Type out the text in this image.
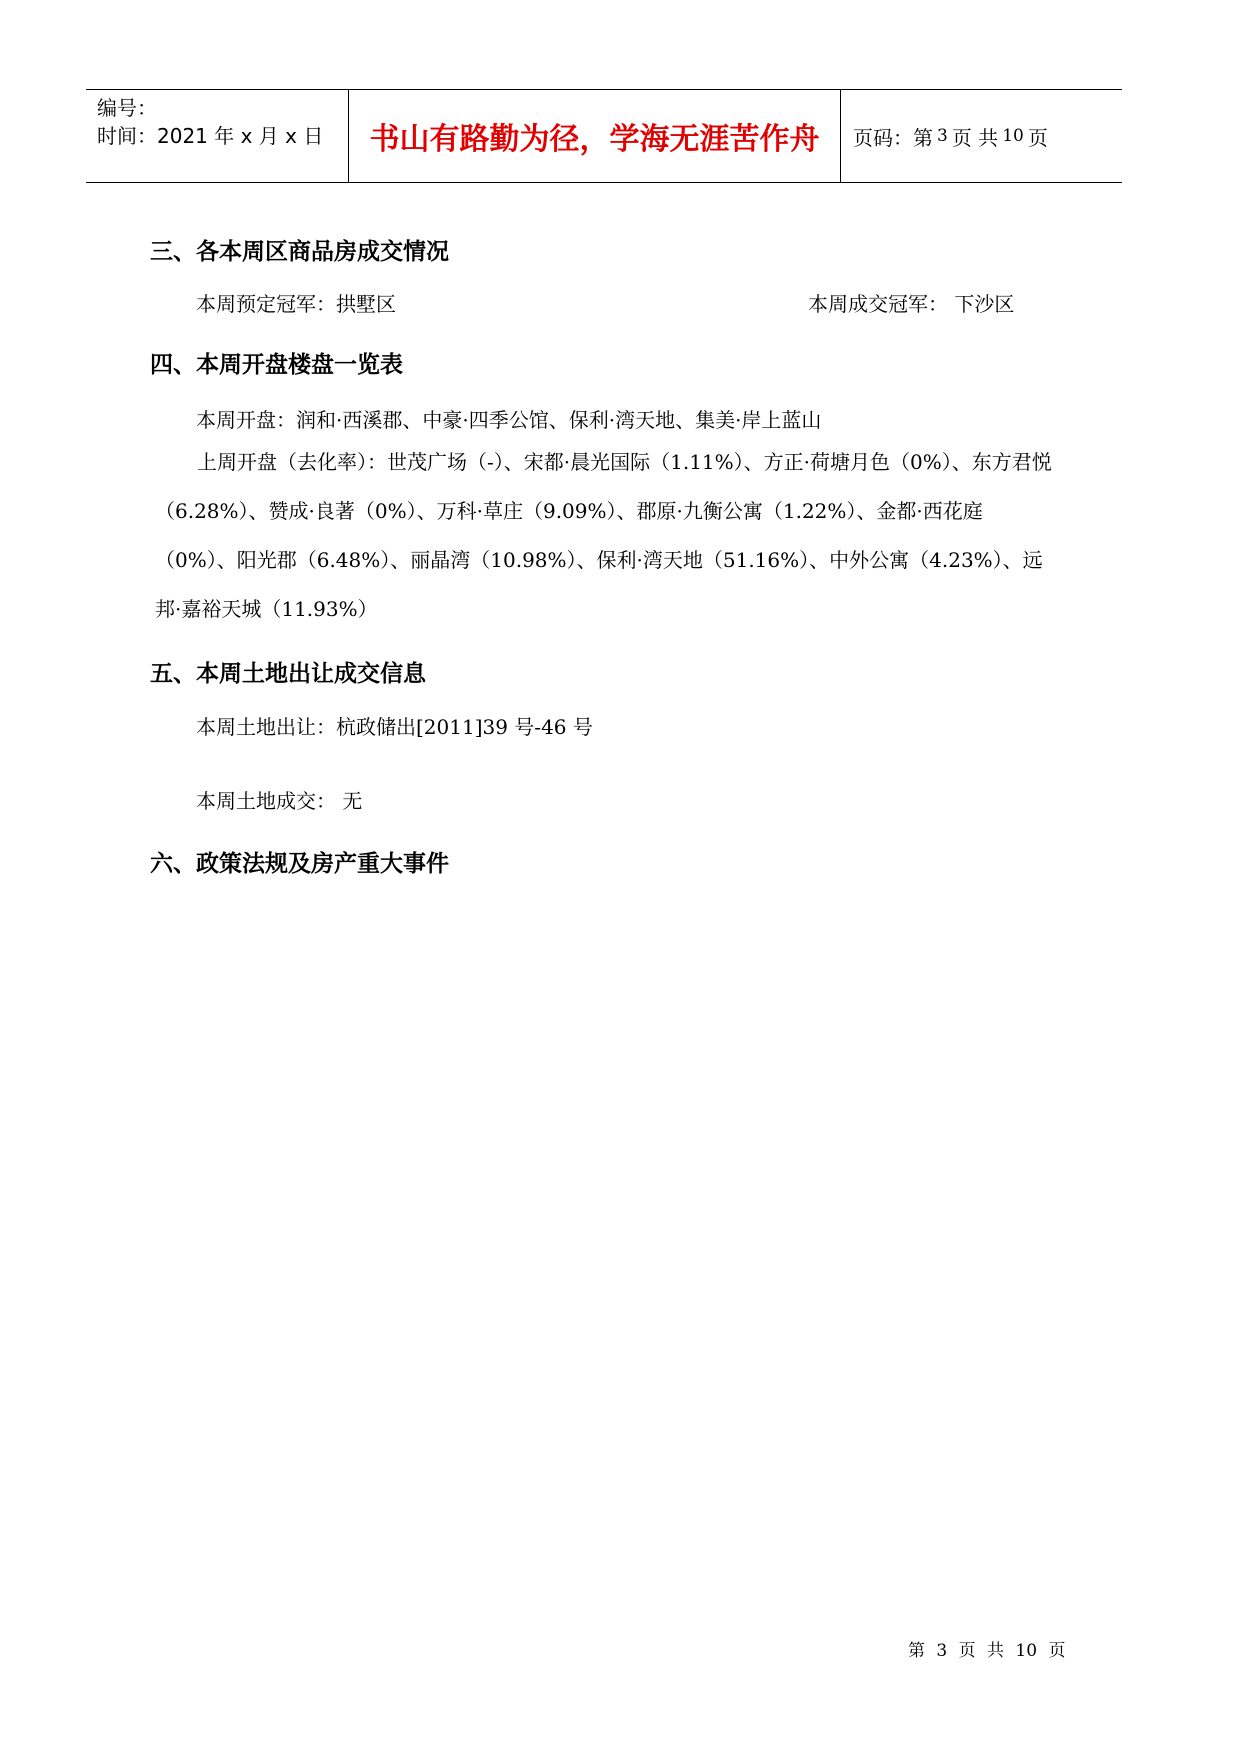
编号：
时间：2021 年 x 月 x 日	书山有路勤为径，学海无涯苦作舟	页码：第 3 页 共 10 页
三、各本周区商品房成交情况
本周预定冠军：拱墅区	本周成交冠军： 下沙区
四、本周开盘楼盘一览表
本周开盘：润和·西溪郡、中豪·四季公馆、保利·湾天地、集美·岸上蓝山
上周开盘（去化率）：世茂广场（-）、宋都·晨光国际（1.11%）、方正·荷塘月色（0%）、东方君悦（6.28%）、赞成·良著（0%）、万科·草庄（9.09%）、郡原·九衡公寓（1.22%）、金都·西花庭（0%）、阳光郡（6.48%）、丽晶湾（10.98%）、保利·湾天地（51.16%）、中外公寓（4.23%）、远邦·嘉裕天城（11.93%）
五、本周土地出让成交信息
本周土地出让：杭政储出[2011]39 号-46 号
本周土地成交： 无
六、政策法规及房产重大事件
第 3 页 共 10 页
